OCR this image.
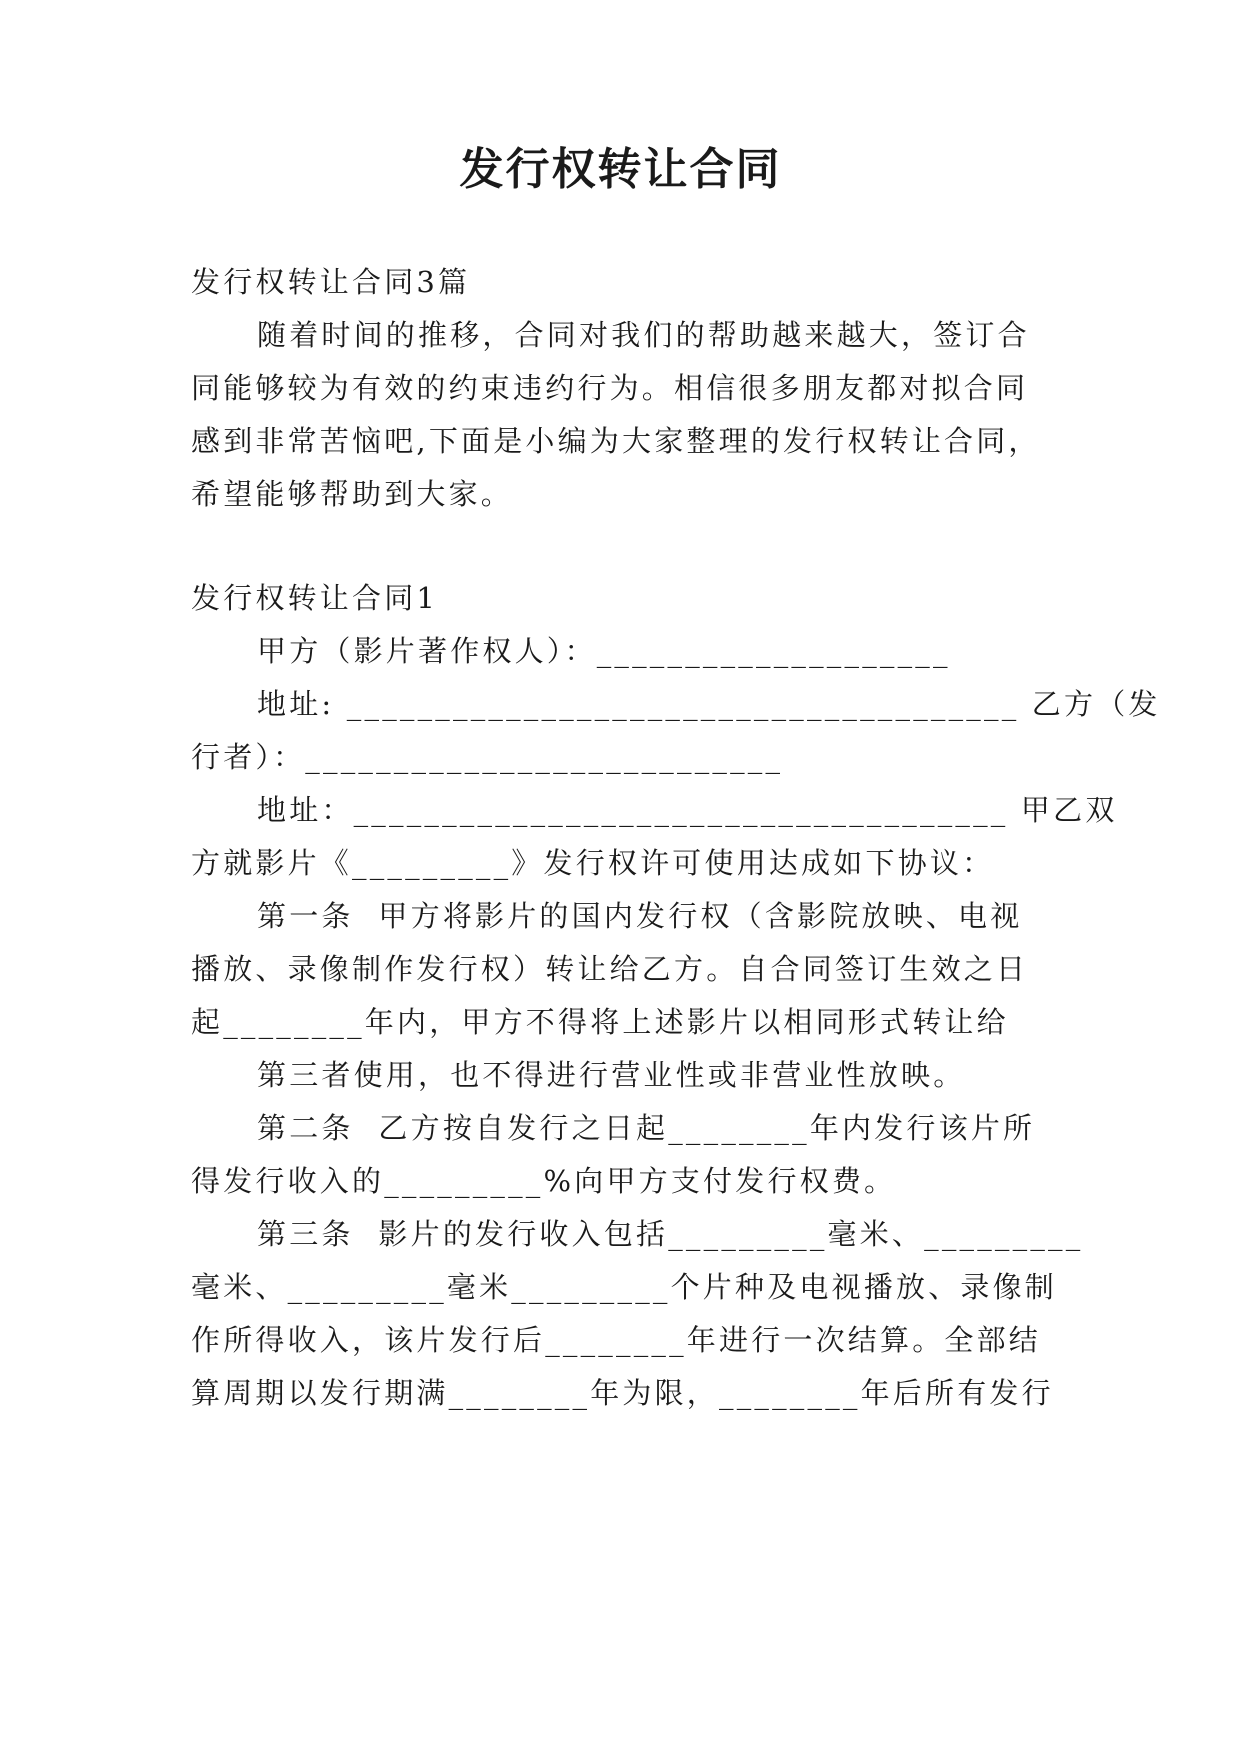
发行权转让合同
发行权转让合同3篇
随着时间的推移，合同对我们的帮助越来越大，签订合
同能够较为有效的约束违约行为。相信很多朋友都对拟合同
感到非常苦恼吧,下面是小编为大家整理的发行权转让合同，
希望能够帮助到大家。
发行权转让合同1
甲方（影片著作权人）：____________________
地址: ______________________________________ 乙方（发
行者）：___________________________
地址：_____________________________________ 甲乙双
方就影片《_________》发行权许可使用达成如下协议：
第一条  甲方将影片的国内发行权（含影院放映、电视
播放、录像制作发行权）转让给乙方。自合同签订生效之日
起________年内，甲方不得将上述影片以相同形式转让给
第三者使用，也不得进行营业性或非营业性放映。
第二条  乙方按自发行之日起________年内发行该片所
得发行收入的_________%向甲方支付发行权费。
第三条  影片的发行收入包括_________毫米、_________
毫米、_________毫米_________个片种及电视播放、录像制
作所得收入，该片发行后________年进行一次结算。全部结
算周期以发行期满________年为限，________年后所有发行
